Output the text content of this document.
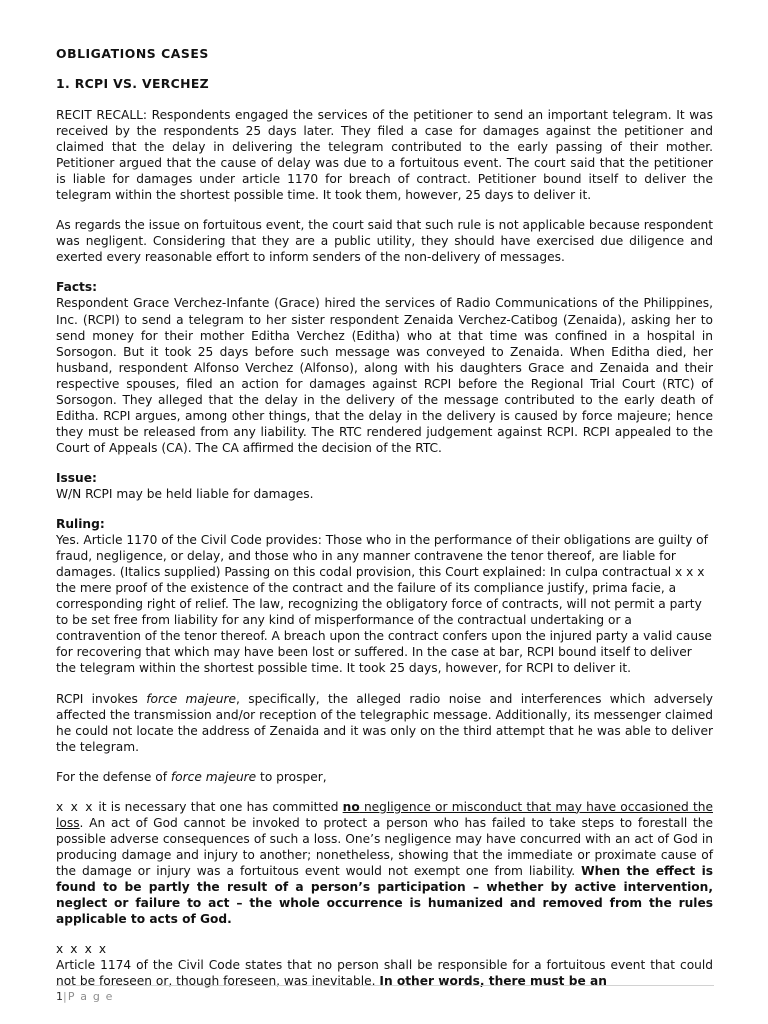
OBLIGATIONS CASES
1. RCPI VS. VERCHEZ

RECIT RECALL: Respondents engaged the services of the petitioner to send an important telegram. It was received by the respondents 25 days later. They filed a case for damages against the petitioner and claimed that the delay in delivering the telegram contributed to the early passing of their mother. Petitioner argued that the cause of delay was due to a fortuitous event. The court said that the petitioner is liable for damages under article 1170 for breach of contract. Petitioner bound itself to deliver the telegram within the shortest possible time. It took them, however, 25 days to deliver it.

As regards the issue on fortuitous event, the court said that such rule is not applicable because respondent was negligent. Considering that they are a public utility, they should have exercised due diligence and exerted every reasonable effort to inform senders of the non-delivery of messages.

Facts:

Respondent Grace Verchez-Infante (Grace) hired the services of Radio Communications of the Philippines, Inc. (RCPI) to send a telegram to her sister respondent Zenaida Verchez-Catibog (Zenaida), asking her to send money for their mother Editha Verchez (Editha) who at that time was confined in a hospital in Sorsogon. But it took 25 days before such message was conveyed to Zenaida. When Editha died, her husband, respondent Alfonso Verchez (Alfonso), along with his daughters Grace and Zenaida and their respective spouses, filed an action for damages against RCPI before the Regional Trial Court (RTC) of Sorsogon. They alleged that the delay in the delivery of the message contributed to the early death of Editha. RCPI argues, among other things, that the delay in the delivery is caused by force majeure; hence they must be released from any liability. The RTC rendered judgement against RCPI. RCPI appealed to the Court of Appeals (CA). The CA affirmed the decision of the RTC.

Issue:

W/N RCPI may be held liable for damages.

Ruling:

Yes. Article 1170 of the Civil Code provides: Those who in the performance of their obligations are guilty of fraud, negligence, or delay, and those who in any manner contravene the tenor thereof, are liable for damages. (Italics supplied) Passing on this codal provision, this Court explained: In culpa contractual x x x the mere proof of the existence of the contract and the failure of its compliance justify, prima facie, a corresponding right of relief. The law, recognizing the obligatory force of contracts, will not permit a party to be set free from liability for any kind of misperformance of the contractual undertaking or a contravention of the tenor thereof. A breach upon the contract confers upon the injured party a valid cause for recovering that which may have been lost or suffered. In the case at bar, RCPI bound itself to deliver the telegram within the shortest possible time. It took 25 days, however, for RCPI to deliver it.

RCPI invokes force majeure, specifically, the alleged radio noise and interferences which adversely affected the transmission and/or reception of the telegraphic message. Additionally, its messenger claimed he could not locate the address of Zenaida and it was only on the third attempt that he was able to deliver the telegram.

For the defense of force majeure to prosper,

x x x it is necessary that one has committed no negligence or misconduct that may have occasioned the loss. An act of God cannot be invoked to protect a person who has failed to take steps to forestall the possible adverse consequences of such a loss. One’s negligence may have concurred with an act of God in producing damage and injury to another; nonetheless, showing that the immediate or proximate cause of the damage or injury was a fortuitous event would not exempt one from liability. When the effect is found to be partly the result of a person’s participation – whether by active intervention, neglect or failure to act – the whole occurrence is humanized and removed from the rules applicable to acts of God.

x x x x

Article 1174 of the Civil Code states that no person shall be responsible for a fortuitous event that could not be foreseen or, though foreseen, was inevitable. In other words, there must be an

1|P a g e
